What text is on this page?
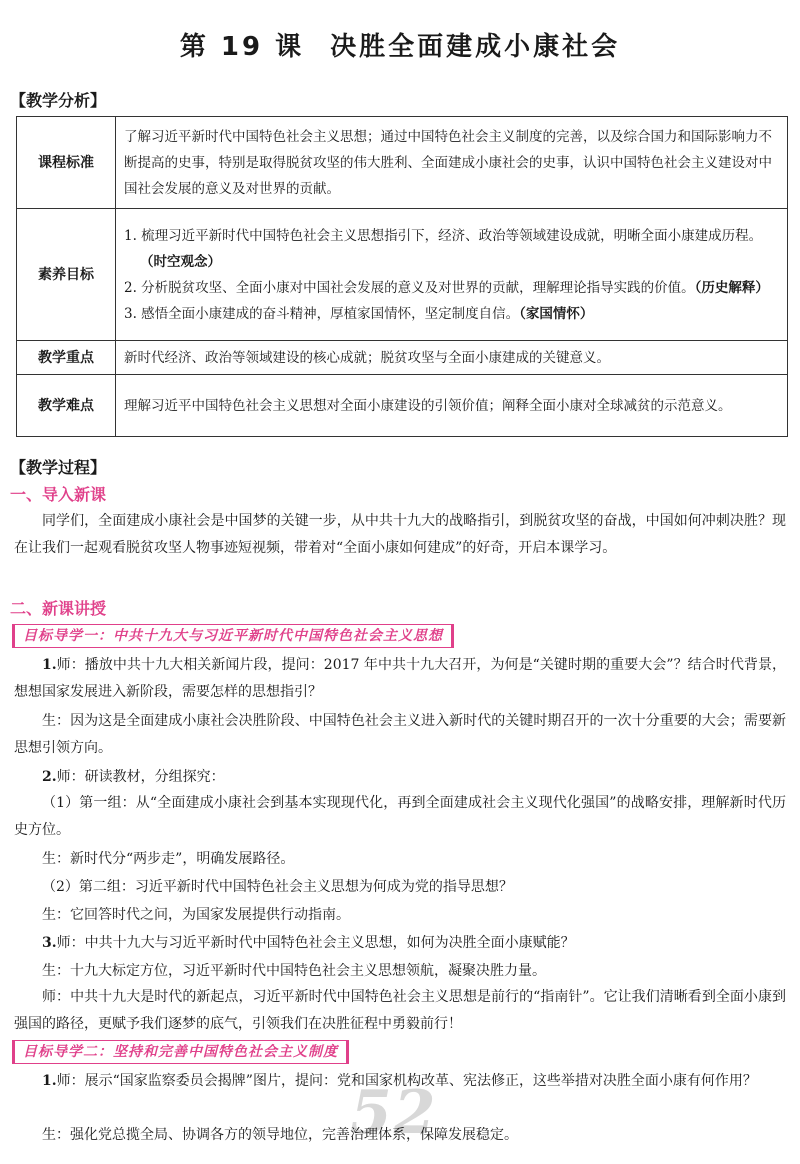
第 19 课 决胜全面建成小康社会
【教学分析】
课程标准	了解习近平新时代中国特色社会主义思想；通过中国特色社会主义制度的完善，以及综合国力和国际影响力不断提高的史事，特别是取得脱贫攻坚的伟大胜利、全面建成小康社会的史事，认识中国特色社会主义建设对中国社会发展的意义及对世界的贡献。
素养目标	1. 梳理习近平新时代中国特色社会主义思想指引下，经济、政治等领域建设成就，明晰全面小康建成历程。（时空观念）
2. 分析脱贫攻坚、全面小康对中国社会发展的意义及对世界的贡献，理解理论指导实践的价值。（历史解释）
3. 感悟全面小康建成的奋斗精神，厚植家国情怀，坚定制度自信。（家国情怀）

教学重点	新时代经济、政治等领域建设的核心成就；脱贫攻坚与全面小康建成的关键意义。
教学难点	理解习近平中国特色社会主义思想对全面小康建设的引领价值；阐释全面小康对全球减贫的示范意义。
【教学过程】
一、导入新课
同学们，全面建成小康社会是中国梦的关键一步，从中共十九大的战略指引，到脱贫攻坚的奋战，中国如何冲刺决胜？现在让我们一起观看脱贫攻坚人物事迹短视频，带着对“全面小康如何建成”的好奇，开启本课学习。
二、新课讲授
目标导学一：中共十九大与习近平新时代中国特色社会主义思想
1.师：播放中共十九大相关新闻片段，提问：2017 年中共十九大召开，为何是“关键时期的重要大会”？结合时代背景，想想国家发展进入新阶段，需要怎样的思想指引？
生：因为这是全面建成小康社会决胜阶段、中国特色社会主义进入新时代的关键时期召开的一次十分重要的大会；需要新思想引领方向。
2.师：研读教材，分组探究：
（1）第一组：从“全面建成小康社会到基本实现现代化，再到全面建成社会主义现代化强国”的战略安排，理解新时代历史方位。
生：新时代分“两步走”，明确发展路径。
（2）第二组：习近平新时代中国特色社会主义思想为何成为党的指导思想？
生：它回答时代之问，为国家发展提供行动指南。
3.师：中共十九大与习近平新时代中国特色社会主义思想，如何为决胜全面小康赋能？
生：十九大标定方位，习近平新时代中国特色社会主义思想领航，凝聚决胜力量。
师：中共十九大是时代的新起点，习近平新时代中国特色社会主义思想是前行的“指南针”。它让我们清晰看到全面小康到强国的路径，更赋予我们逐梦的底气，引领我们在决胜征程中勇毅前行！
目标导学二：坚持和完善中国特色社会主义制度
52
1.师：展示“国家监察委员会揭牌”图片，提问：党和国家机构改革、宪法修正，这些举措对决胜全面小康有何作用？
生：强化党总揽全局、协调各方的领导地位，完善治理体系，保障发展稳定。
